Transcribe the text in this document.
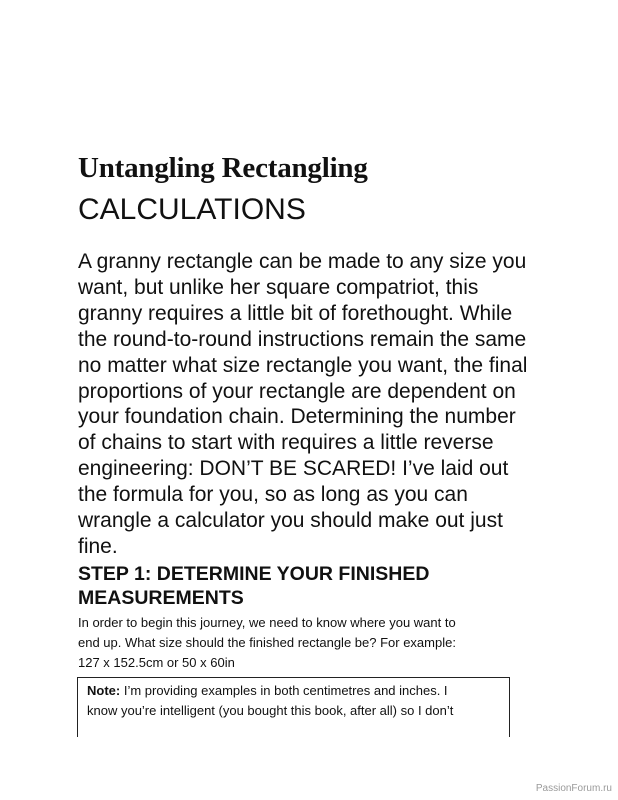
Untangling Rectangling
CALCULATIONS

A granny rectangle can be made to any size you
want, but unlike her square compatriot, this
granny requires a little bit of forethought. While
the round-to-round instructions remain the same
no matter what size rectangle you want, the final
proportions of your rectangle are dependent on
your foundation chain. Determining the number
of chains to start with requires a little reverse
engineering: DON’T BE SCARED! I’ve laid out
the formula for you, so as long as you can
wrangle a calculator you should make out just
fine.

STEP 1: DETERMINE YOUR FINISHED
MEASUREMENTS
In order to begin this journey, we need to know where you want to
end up. What size should the finished rectangle be? For example:
127 x 152.5cm or 50 x 60in
Note: I’m providing examples in both centimetres and inches. I
know you’re intelligent (you bought this book, after all) so I don’t
PassionForum.ru
